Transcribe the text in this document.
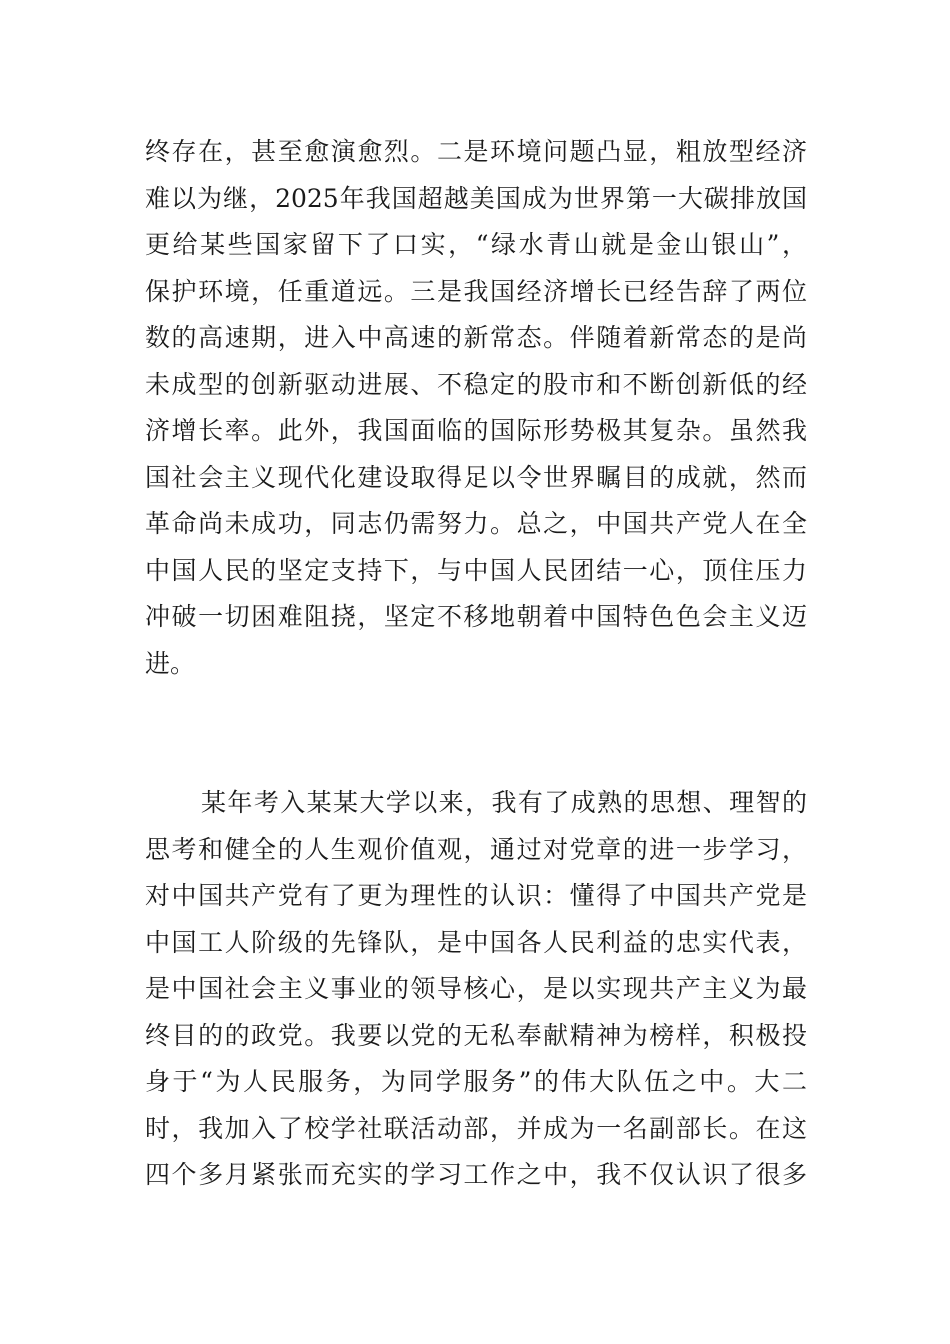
终存在，甚至愈演愈烈。二是环境问题凸显，粗放型经济
难以为继，2025年我国超越美国成为世界第一大碳排放国
更给某些国家留下了口实，“绿水青山就是金山银山”，
保护环境，任重道远。三是我国经济增长已经告辞了两位
数的高速期，进入中高速的新常态。伴随着新常态的是尚
未成型的创新驱动进展、不稳定的股市和不断创新低的经
济增长率。此外，我国面临的国际形势极其复杂。虽然我
国社会主义现代化建设取得足以令世界瞩目的成就，然而
革命尚未成功，同志仍需努力。总之，中国共产党人在全
中国人民的坚定支持下，与中国人民团结一心，顶住压力
冲破一切困难阻挠，坚定不移地朝着中国特色色会主义迈
进。
某年考入某某大学以来，我有了成熟的思想、理智的
思考和健全的人生观价值观，通过对党章的进一步学习，
对中国共产党有了更为理性的认识：懂得了中国共产党是
中国工人阶级的先锋队，是中国各人民利益的忠实代表，
是中国社会主义事业的领导核心，是以实现共产主义为最
终目的的政党。我要以党的无私奉献精神为榜样，积极投
身于“为人民服务，为同学服务”的伟大队伍之中。大二
时，我加入了校学社联活动部，并成为一名副部长。在这
四个多月紧张而充实的学习工作之中，我不仅认识了很多
